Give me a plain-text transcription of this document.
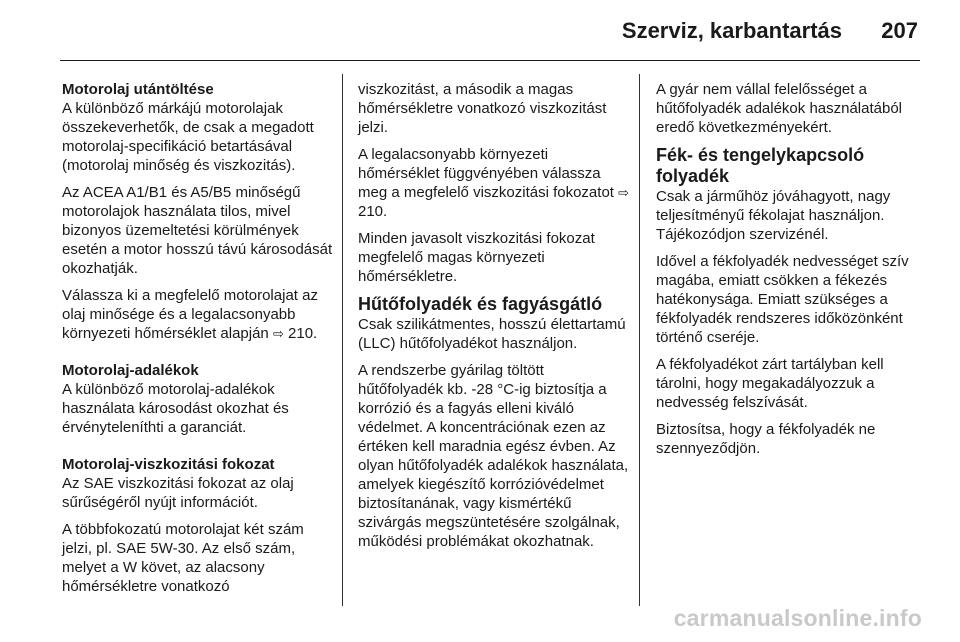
Szerviz, karbantartás 207
Motorolaj utántöltése

A különböző márkájú motorolajak összekeverhetők, de csak a megadott motorolaj-specifikáció betartásával (motorolaj minőség és viszkozitás).

Az ACEA A1/B1 és A5/B5 minőségű motorolajok használata tilos, mivel bizonyos üzemeltetési körülmények esetén a motor hosszú távú károsodását okozhatják.

Válassza ki a megfelelő motorolajat az olaj minősége és a legalacsonyabb környezeti hőmérséklet alapján ⇨ 210.

Motorolaj-adalékok

A különböző motorolaj-adalékok használata károsodást okozhat és érvényteleníthti a garanciát.

Motorolaj-viszkozitási fokozat

Az SAE viszkozitási fokozat az olaj sűrűségéről nyújt információt.

A többfokozatú motorolajat két szám jelzi, pl. SAE 5W-30. Az első szám, melyet a W követ, az alacsony hőmérsékletre vonatkozó

viszkozitást, a második a magas hőmérsékletre vonatkozó viszkozitást jelzi.

A legalacsonyabb környezeti hőmérséklet függvényében válassza meg a megfelelő viszkozitási fokozatot ⇨ 210.

Minden javasolt viszkozitási fokozat megfelelő magas környezeti hőmérsékletre.

Hűtőfolyadék és fagyásgátló

Csak szilikátmentes, hosszú élettartamú (LLC) hűtőfolyadékot használjon.

A rendszerbe gyárilag töltött hűtőfolyadék kb. -28 °C-ig biztosítja a korrózió és a fagyás elleni kiváló védelmet. A koncentrációnak ezen az értéken kell maradnia egész évben. Az olyan hűtőfolyadék adalékok használata, amelyek kiegészítő korrózióvédelmet biztosítanának, vagy kismértékű szivárgás megszüntetésére szolgálnak, működési problémákat okozhatnak.

A gyár nem vállal felelősséget a hűtőfolyadék adalékok használatából eredő következményekért.

Fék- és tengelykapcsoló folyadék

Csak a járműhöz jóváhagyott, nagy teljesítményű fékolajat használjon. Tájékozódjon szervizénél.

Idővel a fékfolyadék nedvességet szív magába, emiatt csökken a fékezés hatékonysága. Emiatt szükséges a fékfolyadék rendszeres időközönként történő cseréje.

A fékfolyadékot zárt tartályban kell tárolni, hogy megakadályozzuk a nedvesség felszívását.

Biztosítsa, hogy a fékfolyadék ne szennyeződjön.

carmanualsonline.info
